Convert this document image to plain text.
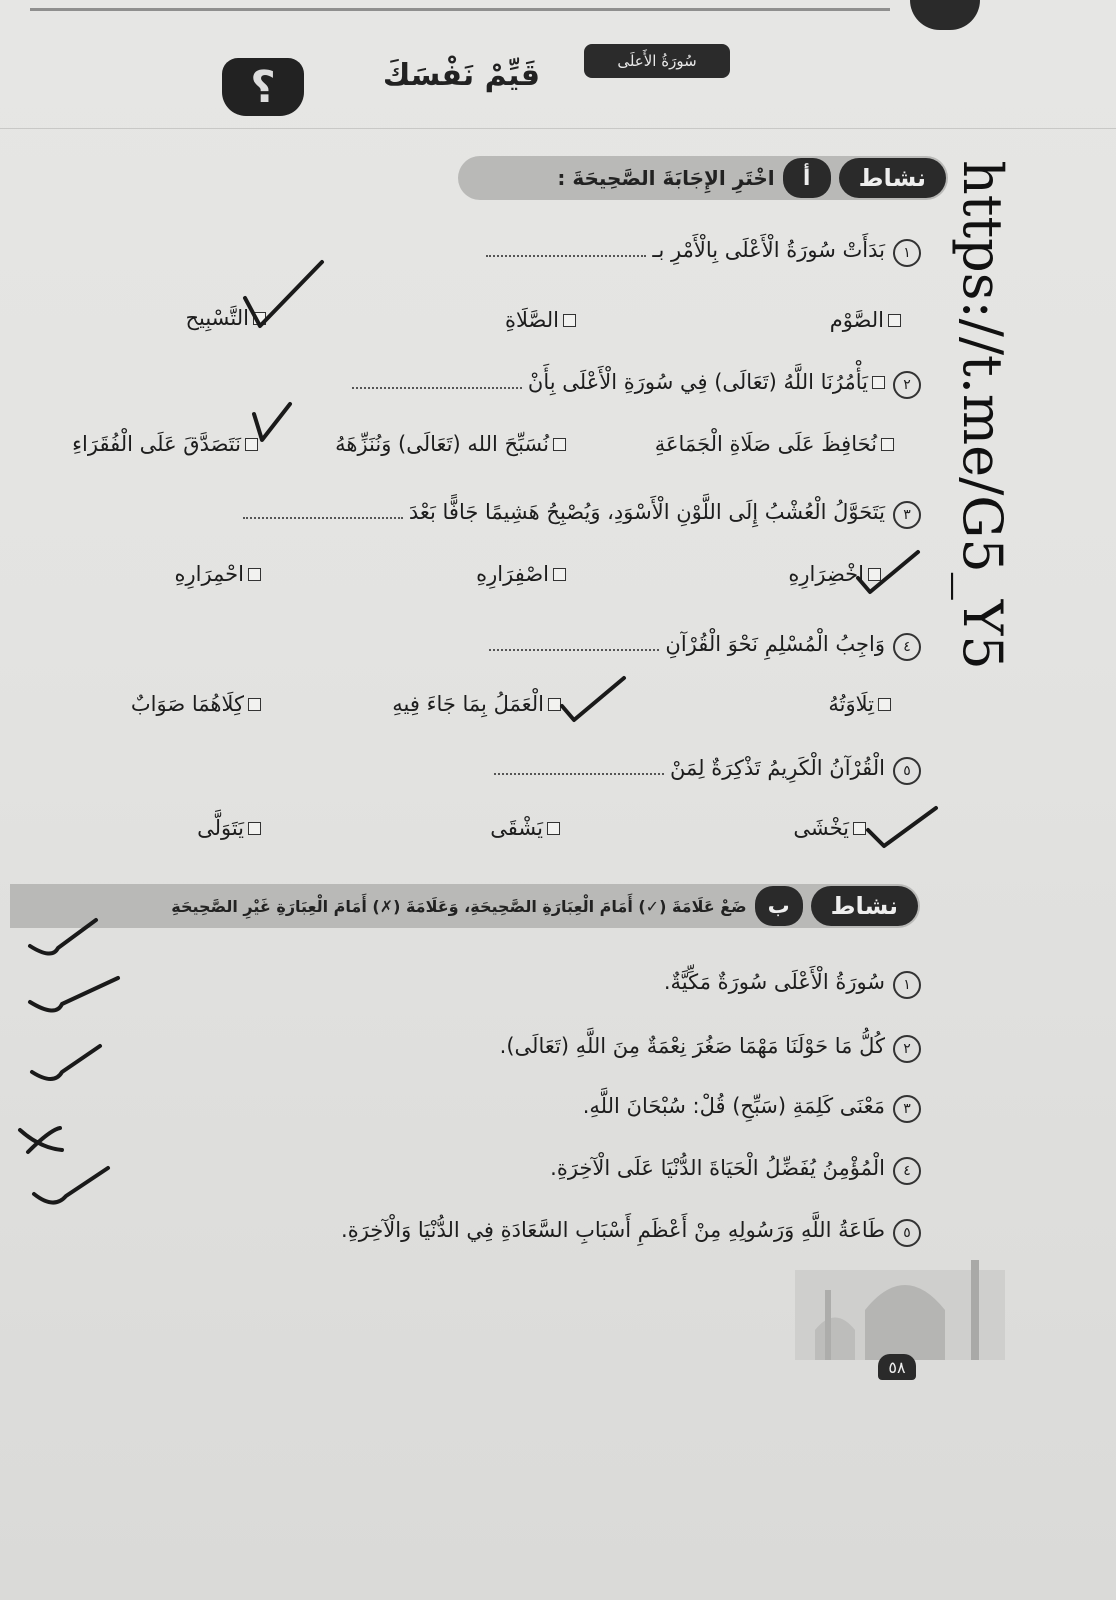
سُورَةُ الأَعلَى
قَيِّمْ نَفْسَكَ
؟
نشاط
أ
اخْتَرِ الإِجَابَةَ الصَّحِيحَةَ :
١
بَدَأَتْ سُورَةُ الْأَعْلَى بِالْأَمْرِ بـ
الصَّوْم
الصَّلَاةِ
التَّسْبِيح
٢
يَأْمُرُنَا اللَّهُ (تَعَالَى) فِي سُورَةِ الْأَعْلَى بِأَنْ
نُحَافِظَ عَلَى صَلَاةِ الْجَمَاعَةِ
نُسَبِّحَ الله (تَعَالَى) وَنُنَزِّهَهُ
نَتَصَدَّقَ عَلَى الْفُقَرَاءِ
٣
يَتَحَوَّلُ الْعُشْبُ إِلَى اللَّوْنِ الْأَسْوَدِ، وَيُصْبِحُ هَشِيمًا جَافًّا بَعْدَ
اخْضِرَارِهِ
اصْفِرَارِهِ
احْمِرَارِهِ
٤
وَاجِبُ الْمُسْلِمِ نَحْوَ الْقُرْآنِ
تِلَاوَتُهُ
الْعَمَلُ بِمَا جَاءَ فِيهِ
كِلَاهُمَا صَوَابٌ
٥
الْقُرْآنُ الْكَرِيمُ تَذْكِرَةٌ لِمَنْ
يَخْشَى
يَشْقَى
يَتَوَلَّى
نشاط
ب
ضَعْ عَلَامَةَ (✓) أَمَامَ الْعِبَارَةِ الصَّحِيحَةِ، وَعَلَامَةَ (✗) أَمَامَ الْعِبَارَةِ غَيْرِ الصَّحِيحَةِ
١
سُورَةُ الْأَعْلَى سُورَةٌ مَكِّيَّةٌ.
٢
كُلُّ مَا حَوْلَنَا مَهْمَا صَغُرَ نِعْمَةٌ مِنَ اللَّهِ (تَعَالَى).
٣
مَعْنَى كَلِمَةِ (سَبِّحِ) قُلْ: سُبْحَانَ اللَّهِ.
٤
الْمُؤْمِنُ يُفَضِّلُ الْحَيَاةَ الدُّنْيَا عَلَى الْآخِرَةِ.
٥
طَاعَةُ اللَّهِ وَرَسُولِهِ مِنْ أَعْظَمِ أَسْبَابِ السَّعَادَةِ فِي الدُّنْيَا وَالْآخِرَةِ.
٥٨
https://t.me/G5_Y5
